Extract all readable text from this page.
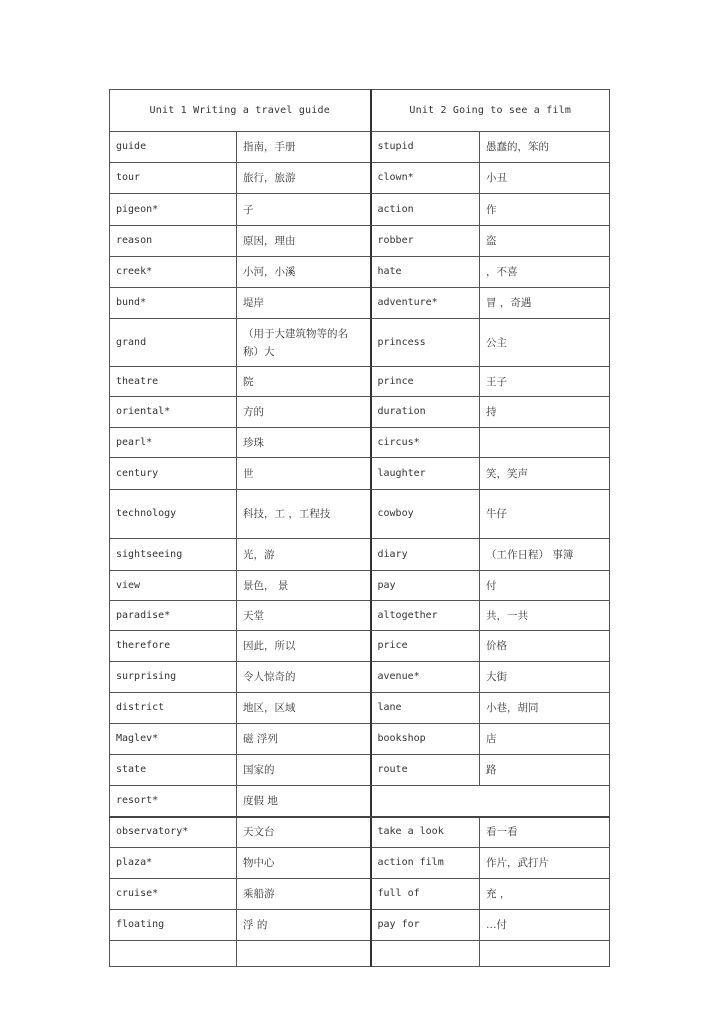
Unit 1 Writing a travel guide		Unit 2 Going to see a film	
guide	指南，手册	stupid	愚蠢的，笨的
tour	旅行，旅游	clown*	小丑
pigeon*	子	action	作
reason	原因，理由	robber	盗
creek*	小河，小溪	hate	，不喜
bund*	堤岸	adventure*	冒 ，奇遇
grand	（用于大建筑物等的名称）大	princess	公主
theatre	院	prince	王子
oriental*	方的	duration	持
pearl*	珍珠	circus*	
century	世	laughter	笑，笑声
technology	科技，工 ，工程技	cowboy	牛仔
sightseeing	光，游	diary	（工作日程） 事簿
view	景色， 景	pay	付
paradise*	天堂	altogether	共，一共
therefore	因此，所以	price	价格
surprising	令人惊奇的	avenue*	大街
district	地区，区域	lane	小巷，胡同
Maglev*	磁 浮列	bookshop	店
state	国家的	route	路
resort*	度假 地		
observatory*	天文台	take a look	看一看
plaza*	物中心	action film	作片，武打片
cruise*	乘船游	full of	充 ，
floating	浮 的	pay for	…付
